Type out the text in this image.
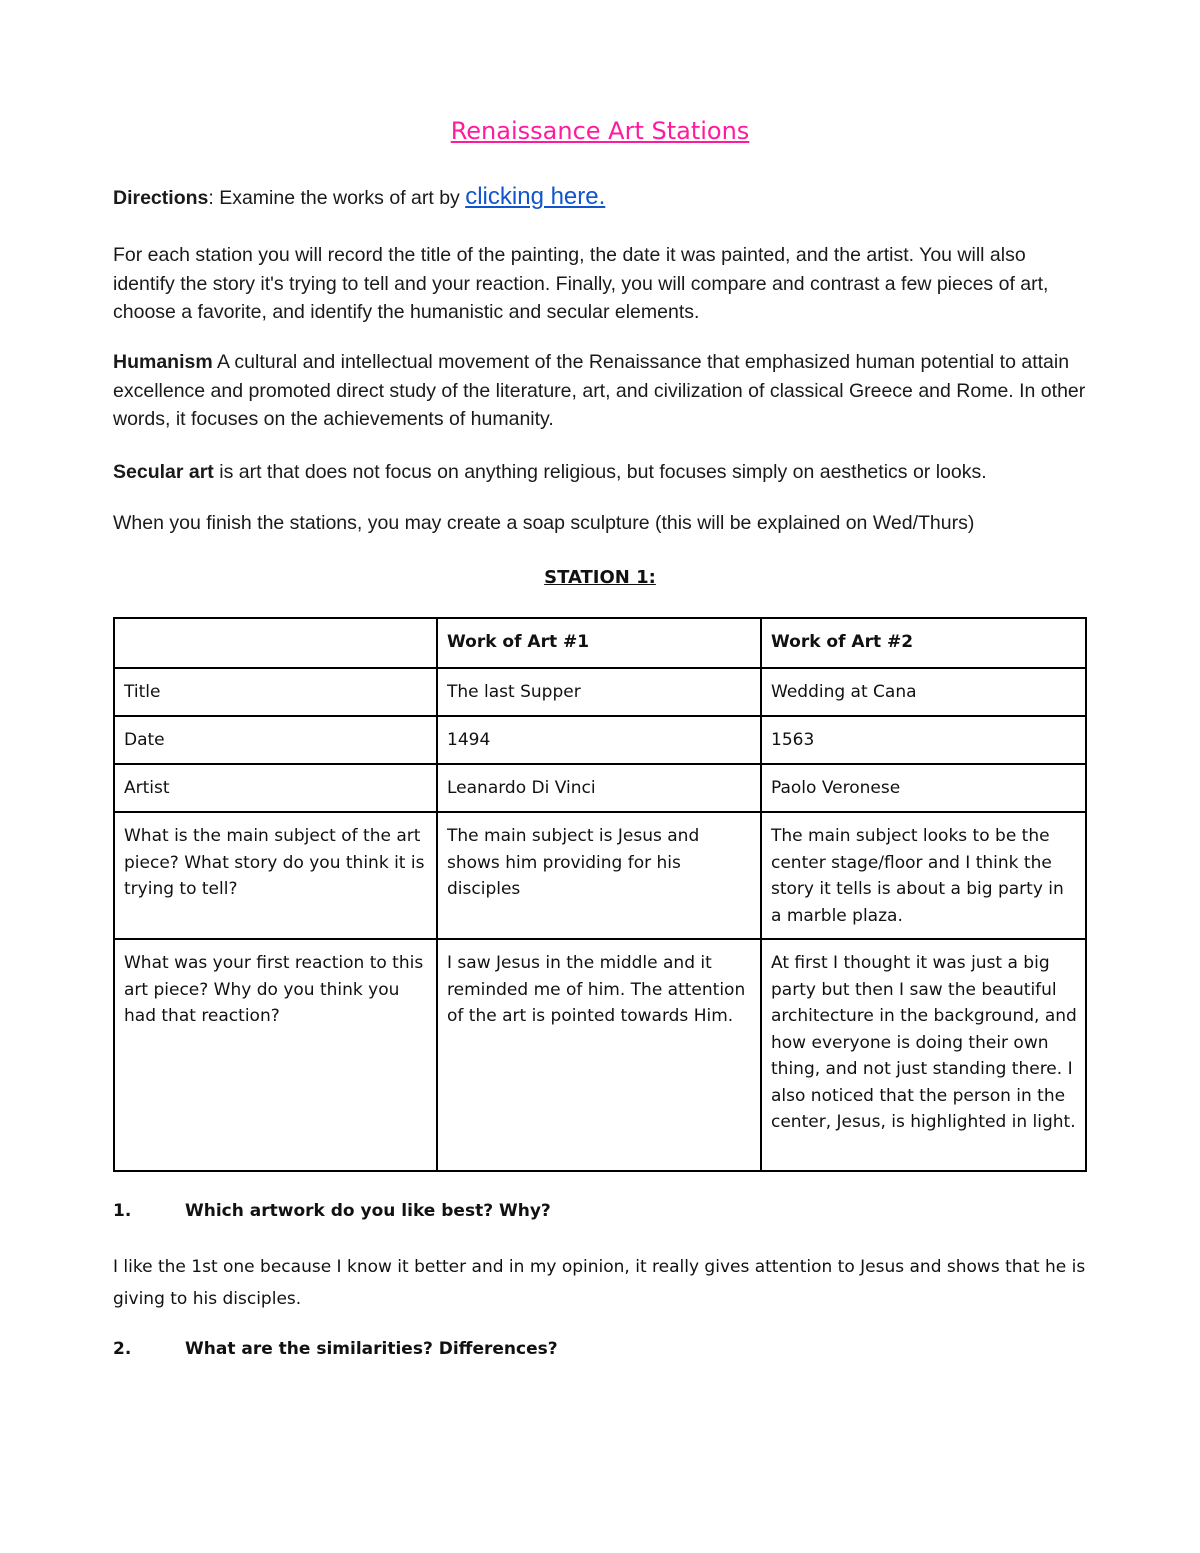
Renaissance Art Stations
Directions: Examine the works of art by clicking here.
For each station you will record the title of the painting, the date it was painted, and the artist. You will also identify the story it's trying to tell and your reaction. Finally, you will compare and contrast a few pieces of art, choose a favorite, and identify the humanistic and secular elements.
Humanism A cultural and intellectual movement of the Renaissance that emphasized human potential to attain excellence and promoted direct study of the literature, art, and civilization of classical Greece and Rome. In other words, it focuses on the achievements of humanity.
Secular art is art that does not focus on anything religious, but focuses simply on aesthetics or looks.
When you finish the stations, you may create a soap sculpture (this will be explained on Wed/Thurs)
STATION 1:
	Work of Art #1	Work of Art #2
Title	The last Supper	Wedding at Cana
Date	1494	1563
Artist	Leanardo Di Vinci	Paolo Veronese
What is the main subject of the art piece? What story do you think it is trying to tell?	The main subject is Jesus and shows him providing for his disciples	The main subject looks to be the center stage/floor and I think the story it tells is about a big party in a marble plaza.
What was your first reaction to this art piece? Why do you think you had that reaction?	I saw Jesus in the middle and it reminded me of him. The attention of the art is pointed towards Him.	At first I thought it was just a big party but then I saw the beautiful architecture in the background, and how everyone is doing their own thing, and not just standing there. I also noticed that the person in the center, Jesus, is highlighted in light.
1.	Which artwork do you like best? Why?
I like the 1st one because I know it better and in my opinion, it really gives attention to Jesus and shows that he is giving to his disciples.
2.	What are the similarities? Differences?
